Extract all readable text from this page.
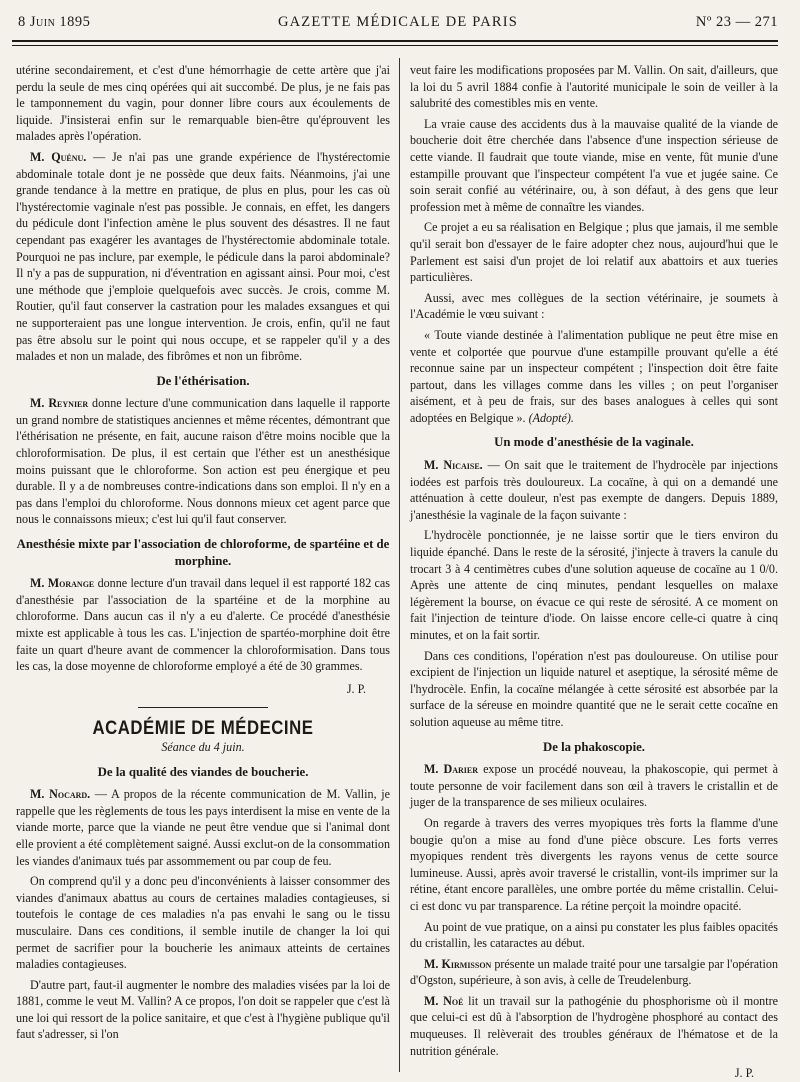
8 Juin 1895	GAZETTE MÉDICALE DE PARIS	Nº 23 — 271

utérine secondairement, et c'est d'une hémorrhagie de cette artère que j'ai perdu la seule de mes cinq opérées qui ait succombé. De plus, je ne fais pas le tamponnement du vagin, pour donner libre cours aux écoulements de liquide. J'insisterai enfin sur le remarquable bien-être qu'éprouvent les malades après l'opération.

M. Quénu. — Je n'ai pas une grande expérience de l'hystérectomie abdominale totale dont je ne possède que deux faits. Néanmoins, j'ai une grande tendance à la mettre en pratique, de plus en plus, pour les cas où l'hystérectomie vaginale n'est pas possible. Je connais, en effet, les dangers du pédicule dont l'infection amène le plus souvent des désastres. Il ne faut cependant pas exagérer les avantages de l'hystérectomie abdominale totale. Pourquoi ne pas inclure, par exemple, le pédicule dans la paroi abdominale? Il n'y a pas de suppuration, ni d'éventration en agissant ainsi. Pour moi, c'est une méthode que j'emploie quelquefois avec succès. Je crois, comme M. Routier, qu'il faut conserver la castration pour les malades exsangues et qui ne supporteraient pas une longue intervention. Je crois, enfin, qu'il ne faut pas être absolu sur le point qui nous occupe, et se rappeler qu'il y a des malades et non un malade, des fibrômes et non un fibrôme.

De l'éthérisation.

M. Reynier donne lecture d'une communication dans laquelle il rapporte un grand nombre de statistiques anciennes et même récentes, démontrant que l'éthérisation ne présente, en fait, aucune raison d'être moins nocible que la chloroformisation. De plus, il est certain que l'éther est un anesthésique moins puissant que le chloroforme. Son action est peu énergique et peu durable. Il y a de nombreuses contre-indications dans son emploi. Il n'y en a pas dans l'emploi du chloroforme. Nous donnons mieux cet agent parce que nous le connaissons mieux; c'est lui qu'il faut conserver.

Anesthésie mixte par l'association de chloroforme, de spartéine et de morphine.

M. Morange donne lecture d'un travail dans lequel il est rapporté 182 cas d'anesthésie par l'association de la spartéine et de la morphine au chloroforme. Dans aucun cas il n'y a eu d'alerte. Ce procédé d'anesthésie mixte est applicable à tous les cas. L'injection de spartéo-morphine doit être faite un quart d'heure avant de commencer la chloroformisation. Dans tous les cas, la dose moyenne de chloroforme employé a été de 30 grammes.

J. P.
ACADÉMIE DE MÉDECINE
Séance du 4 juin.
De la qualité des viandes de boucherie.

M. Nocard. — A propos de la récente communication de M. Vallin, je rappelle que les règlements de tous les pays interdisent la mise en vente de la viande morte, parce que la viande ne peut être vendue que si l'animal dont elle provient a été complètement saigné. Aussi exclut-on de la consommation les viandes d'animaux tués par assommement ou par coup de feu.

On comprend qu'il y a donc peu d'inconvénients à laisser consommer des viandes d'animaux abattus au cours de certaines maladies contagieuses, si toutefois le contage de ces maladies n'a pas envahi le sang ou le tissu musculaire. Dans ces conditions, il semble inutile de changer la loi qui permet de sacrifier pour la boucherie les animaux atteints de certaines maladies contagieuses.

D'autre part, faut-il augmenter le nombre des maladies visées par la loi de 1881, comme le veut M. Vallin? A ce propos, l'on doit se rappeler que c'est là une loi qui ressort de la police sanitaire, et que c'est à l'hygiène publique qu'il faut s'adresser, si l'on

veut faire les modifications proposées par M. Vallin. On sait, d'ailleurs, que la loi du 5 avril 1884 confie à l'autorité municipale le soin de veiller à la salubrité des comestibles mis en vente.

La vraie cause des accidents dus à la mauvaise qualité de la viande de boucherie doit être cherchée dans l'absence d'une inspection sérieuse de cette viande. Il faudrait que toute viande, mise en vente, fût munie d'une estampille prouvant que l'inspecteur compétent l'a vue et jugée saine. Ce soin serait confié au vétérinaire, ou, à son défaut, à des gens que leur profession met à même de connaître les viandes.

Ce projet a eu sa réalisation en Belgique ; plus que jamais, il me semble qu'il serait bon d'essayer de le faire adopter chez nous, aujourd'hui que le Parlement est saisi d'un projet de loi relatif aux abattoirs et aux tueries particulières.

Aussi, avec mes collègues de la section vétérinaire, je soumets à l'Académie le vœu suivant :

« Toute viande destinée à l'alimentation publique ne peut être mise en vente et colportée que pourvue d'une estampille prouvant qu'elle a été reconnue saine par un inspecteur compétent ; l'inspection doit être faite partout, dans les villages comme dans les villes ; on peut l'organiser aisément, et à peu de frais, sur des bases analogues à celles qui sont adoptées en Belgique ». (Adopté).

Un mode d'anesthésie de la vaginale.

M. Nicaise. — On sait que le traitement de l'hydrocèle par injections iodées est parfois très douloureux. La cocaïne, à qui on a demandé une atténuation à cette douleur, n'est pas exempte de dangers. Depuis 1889, j'anesthésie la vaginale de la façon suivante :

L'hydrocèle ponctionnée, je ne laisse sortir que le tiers environ du liquide épanché. Dans le reste de la sérosité, j'injecte à travers la canule du trocart 3 à 4 centimètres cubes d'une solution aqueuse de cocaïne au 1 0/0. Après une attente de cinq minutes, pendant lesquelles on malaxe légèrement la bourse, on évacue ce qui reste de sérosité. A ce moment on fait l'injection de teinture d'iode. On laisse encore celle-ci quatre à cinq minutes, et on la fait sortir.

Dans ces conditions, l'opération n'est pas douloureuse. On utilise pour excipient de l'injection un liquide naturel et aseptique, la sérosité même de l'hydrocèle. Enfin, la cocaïne mélangée à cette sérosité est absorbée par la surface de la séreuse en moindre quantité que ne le serait cette cocaïne en solution aqueuse au même titre.

De la phakoscopie.

M. Darier expose un procédé nouveau, la phakoscopie, qui permet à toute personne de voir facilement dans son œil à travers le cristallin et de juger de la transparence de ses milieux oculaires.

On regarde à travers des verres myopiques très forts la flamme d'une bougie qu'on a mise au fond d'une pièce obscure. Les forts verres myopiques rendent très divergents les rayons venus de cette source lumineuse. Aussi, après avoir traversé le cristallin, vont-ils imprimer sur la rétine, étant encore parallèles, une ombre portée du même cristallin. Celui-ci est donc vu par transparence. La rétine perçoit la moindre opacité.

Au point de vue pratique, on a ainsi pu constater les plus faibles opacités du cristallin, les cataractes au début.

M. Kirmisson présente un malade traité pour une tarsalgie par l'opération d'Ogston, supérieure, à son avis, à celle de Treudelenburg.

M. Noé lit un travail sur la pathogénie du phosphorisme où il montre que celui-ci est dû à l'absorption de l'hydrogène phosphoré au contact des muqueuses. Il relèverait des troubles généraux de l'hématose et de la nutrition générale.

J. P.
